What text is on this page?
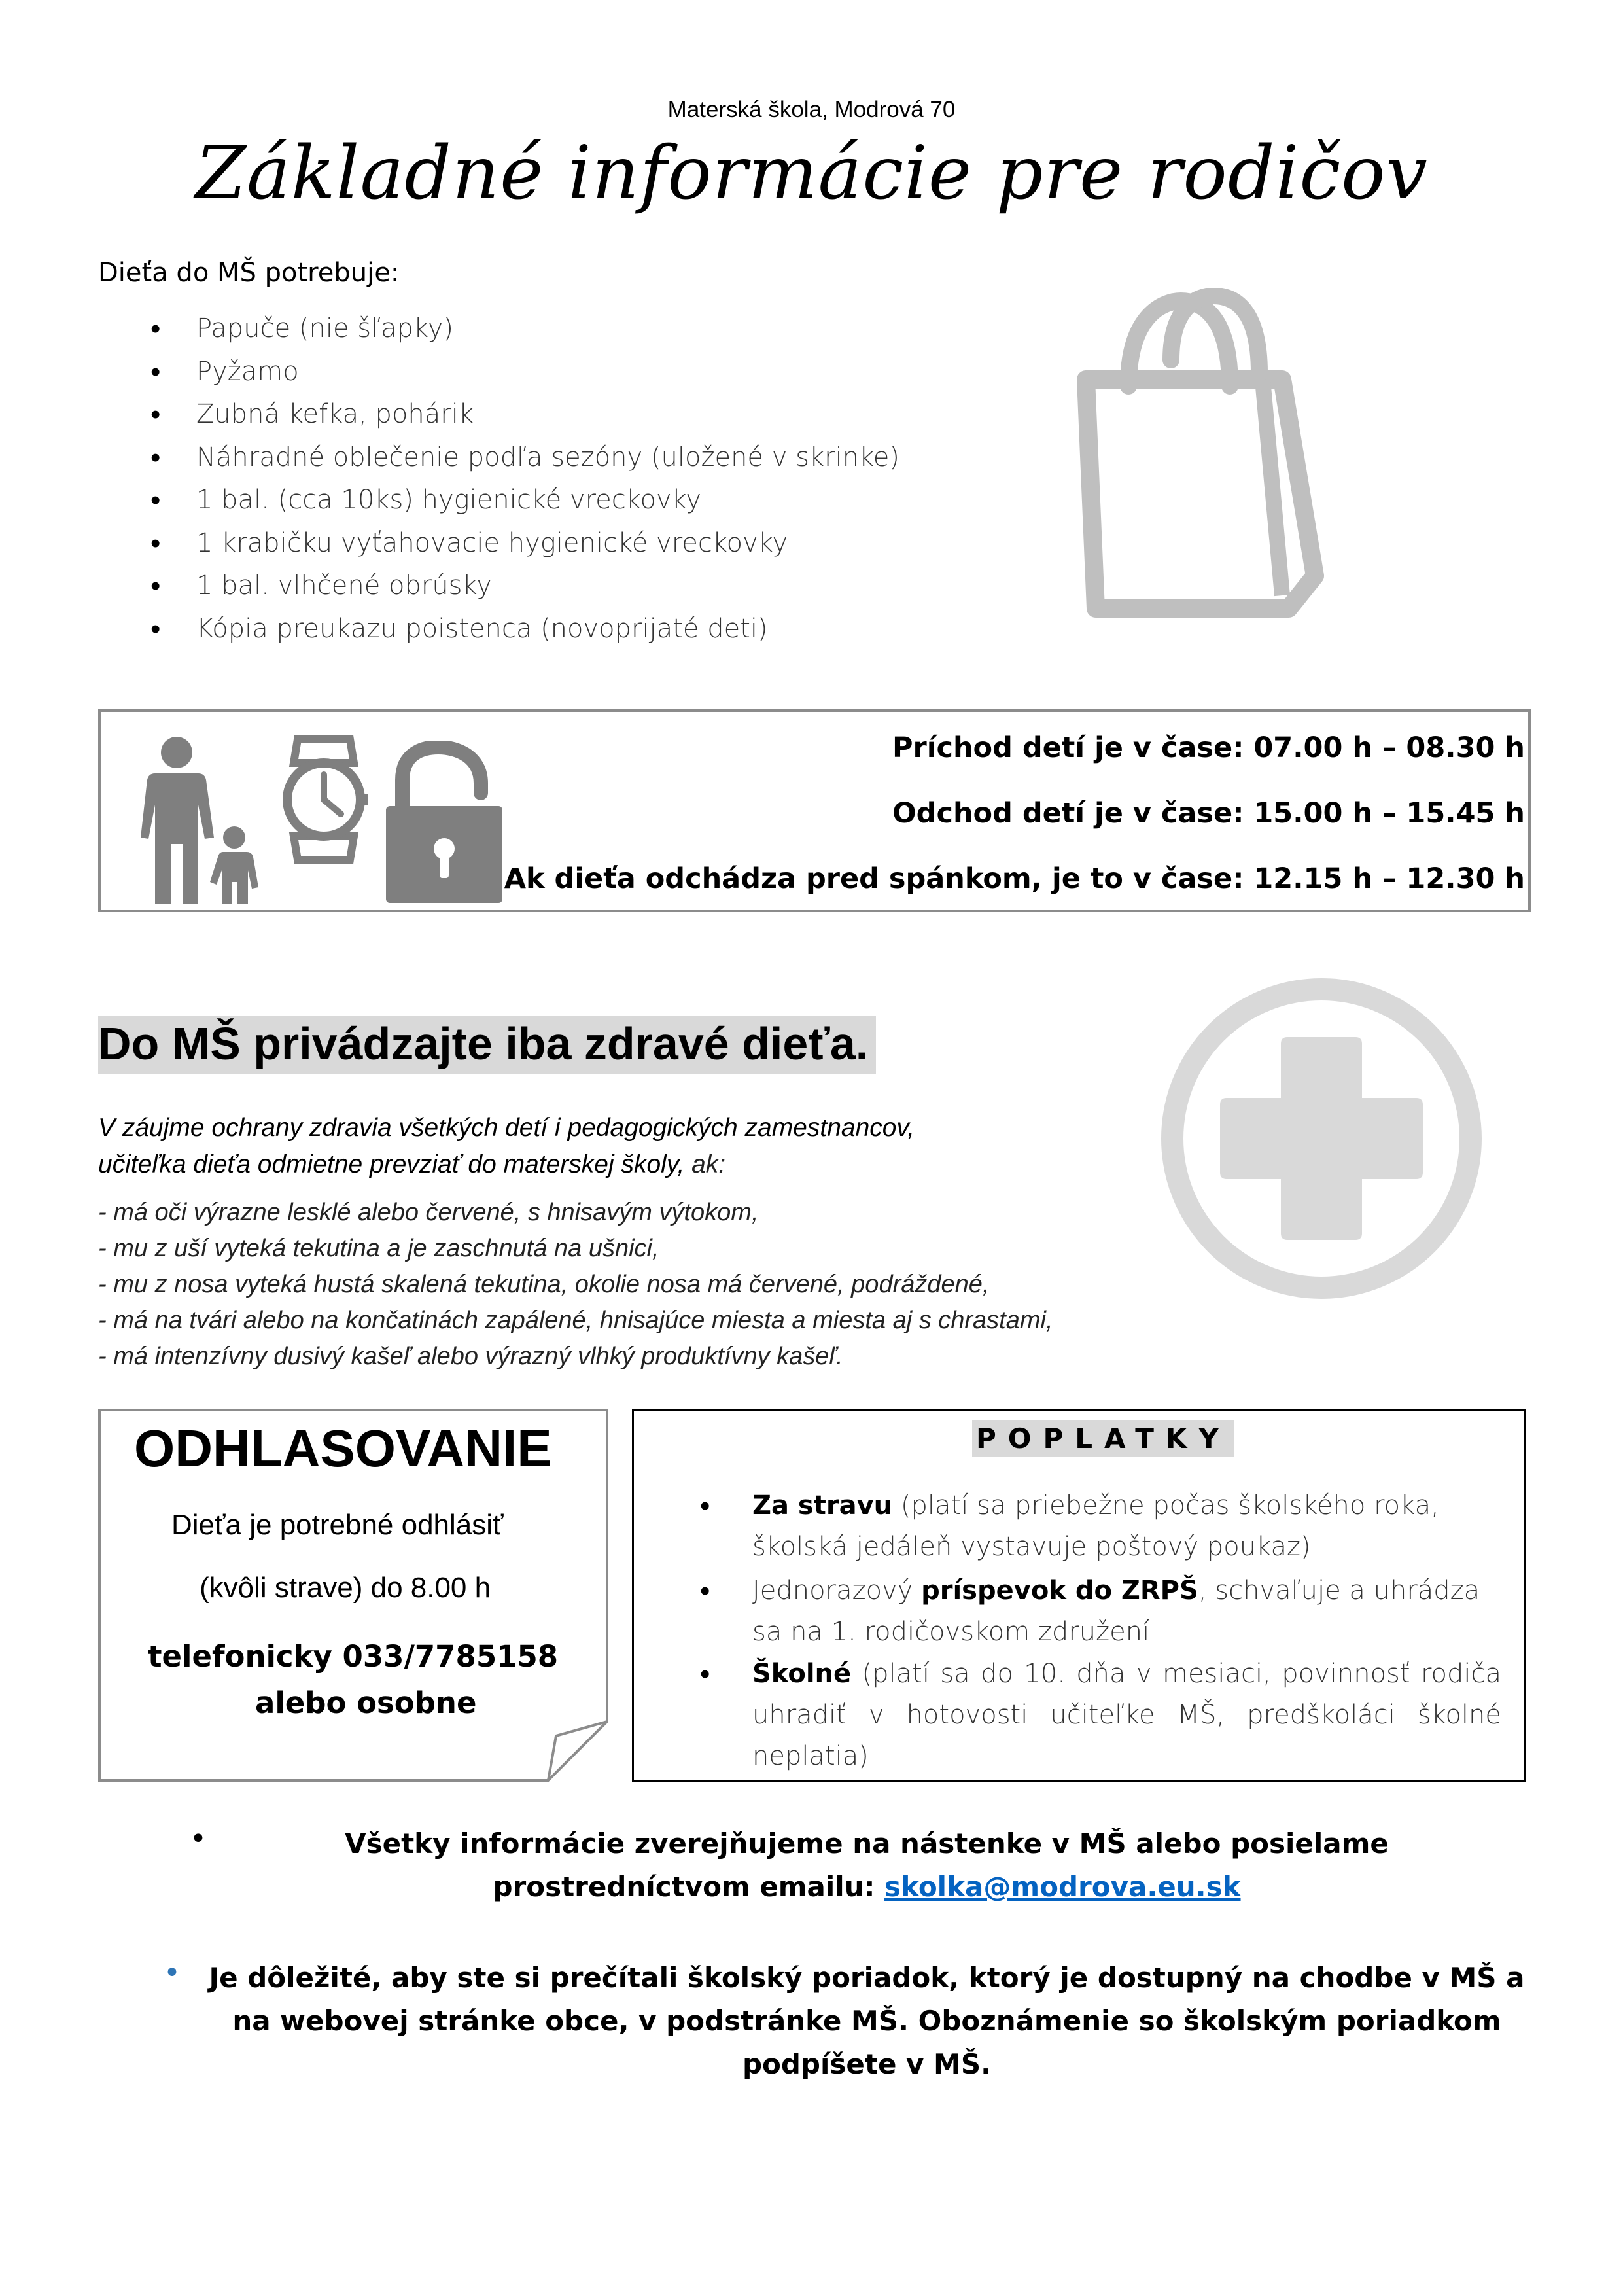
Materská škola, Modrová 70
Základné informácie pre rodičov
Dieťa do MŠ potrebuje:
• Papuče (nie šľapky)
• Pyžamo
• Zubná kefka, pohárik
• Náhradné oblečenie podľa sezóny (uložené v skrinke)
• 1 bal. (cca 10ks) hygienické vreckovky
• 1 krabičku vyťahovacie hygienické vreckovky
• 1 bal. vlhčené obrúsky
• Kópia preukazu poistenca (novoprijaté deti)
Príchod detí je v čase: 07.00 h – 08.30 h
Odchod detí je v čase: 15.00 h – 15.45 h
Ak dieťa odchádza pred spánkom, je to v čase: 12.15 h – 12.30 h
Do MŠ privádzajte iba zdravé dieťa.
V záujme ochrany zdravia všetkých detí i pedagogických zamestnancov,
učiteľka dieťa odmietne prevziať do materskej školy, ak:
- má oči výrazne lesklé alebo červené, s hnisavým výtokom,
- mu z uší vyteká tekutina a je zaschnutá na ušnici,
- mu z nosa vyteká hustá skalená tekutina, okolie nosa má červené, podráždené,
- má na tvári alebo na končatinách zapálené, hnisajúce miesta a miesta aj s chrastami,
- má intenzívny dusivý kašeľ alebo výrazný vlhký produktívny kašeľ.
ODHLASOVANIE
Dieťa je potrebné odhlásiť
(kvôli strave) do 8.00 h
telefonicky 033/7785158
alebo osobne
POPLATKY
• Za stravu (platí sa priebežne počas školského roka, školská jedáleň vystavuje poštový poukaz)
• Jednorazový príspevok do ZRPŠ, schvaľuje a uhrádza sa na 1. rodičovskom združení
• Školné (platí sa do 10. dňa v mesiaci, povinnosť rodiča uhradiť v hotovosti učiteľke MŠ, predškoláci školné neplatia)
•	Všetky informácie zverejňujeme na nástenke v MŠ alebo posielame prostredníctvom emailu: skolka@modrova.eu.sk
•	Je dôležité, aby ste si prečítali školský poriadok, ktorý je dostupný na chodbe v MŠ a na webovej stránke obce, v podstránke MŠ. Oboznámenie so školským poriadkom podpíšete v MŠ.
